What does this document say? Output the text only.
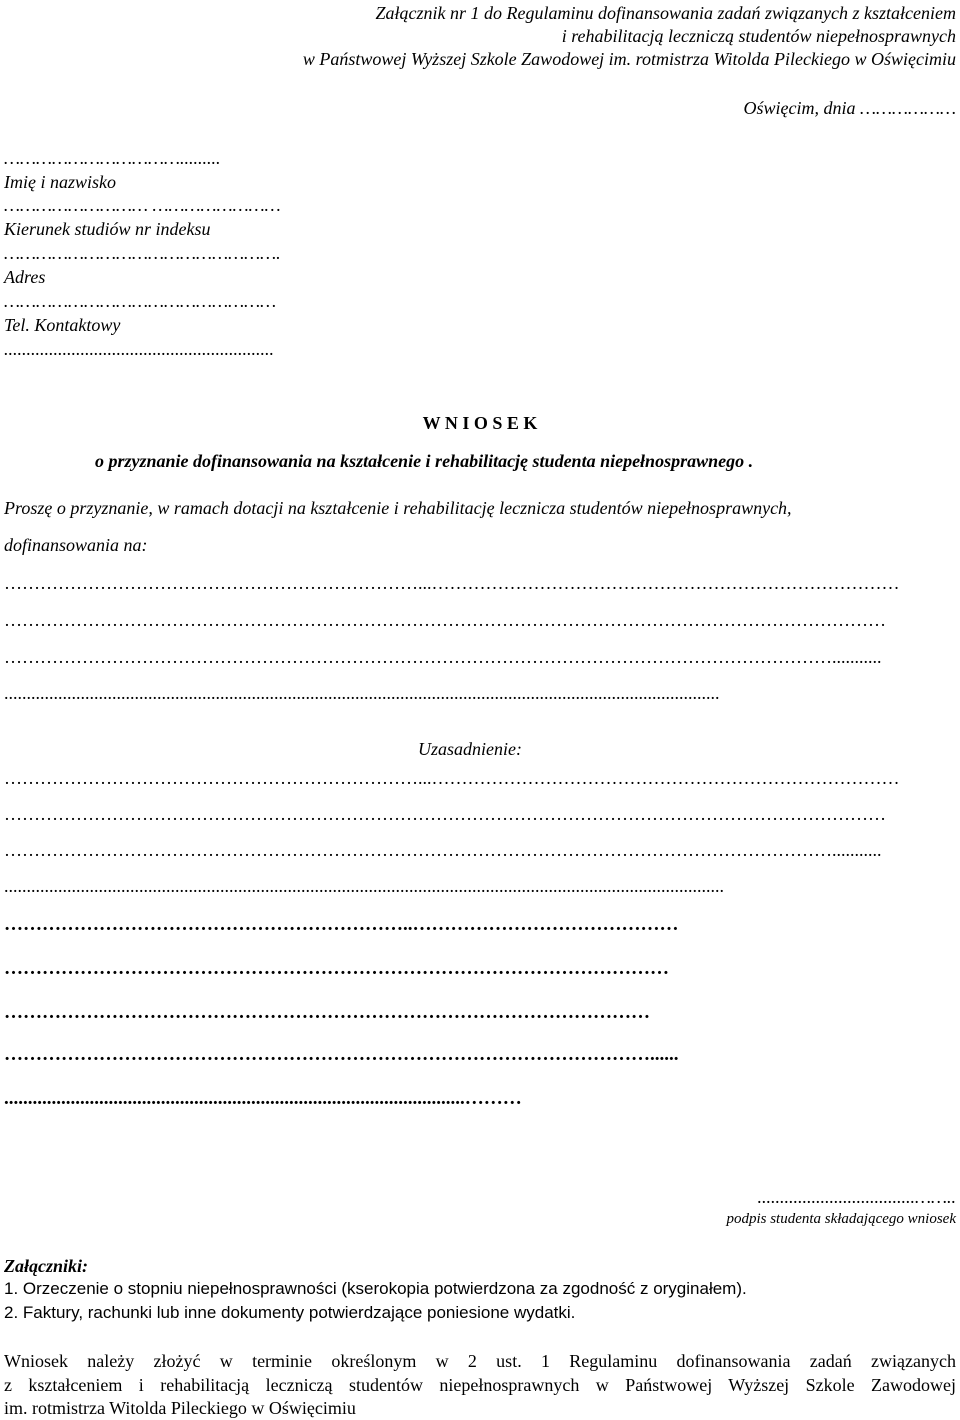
Załącznik nr 1 do Regulaminu dofinansowania zadań związanych z kształceniem

i rehabilitacją leczniczą studentów niepełnosprawnych

w Państwowej Wyższej Szkole Zawodowej im. rotmistrza Witolda Pileckiego w Oświęcimiu

Oświęcim, dnia ………………

…………………………….........

Imię i nazwisko

……………………… ……………………

Kierunek studiów nr indeksu

…………………………………………….

Adres

……………………………………………

Tel. Kontaktowy

............................................................

W N I O S E K

o przyznanie dofinansowania na kształcenie i rehabilitację studenta niepełnosprawnego .

Proszę o przyznanie, w ramach dotacji na kształcenie i rehabilitację lecznicza studentów niepełnosprawnych,

dofinansowania na:

……………………………………………………………...……………………………………………………………………

…………………………………………………………………………………………………………………………………

…………………………………………………………………………………………………………………………...........

...............................................................................................................................................................

Uzasadnienie:

……………………………………………………………...……………………………………………………………………

…………………………………………………………………………………………………………………………………

…………………………………………………………………………………………………………………………...........

................................................................................................................................................................

………………………………………………………..……………………………………

……………………………………………………………………………………………

…………………………………………………………………………………………

…………………………………………………………………………………………......

.................................................................................................………

...................................……..

podpis studenta składającego wniosek

Załączniki:

1. Orzeczenie o stopniu niepełnosprawności (kserokopia potwierdzona za zgodność z oryginałem).

2. Faktury, rachunki lub inne dokumenty potwierdzające poniesione wydatki.

Wniosek należy złożyć w terminie określonym w 2 ust. 1 Regulaminu dofinansowania zadań związanych

z kształceniem i rehabilitacją leczniczą studentów niepełnosprawnych w Państwowej Wyższej Szkole Zawodowej

im. rotmistrza Witolda Pileckiego w Oświęcimiu
